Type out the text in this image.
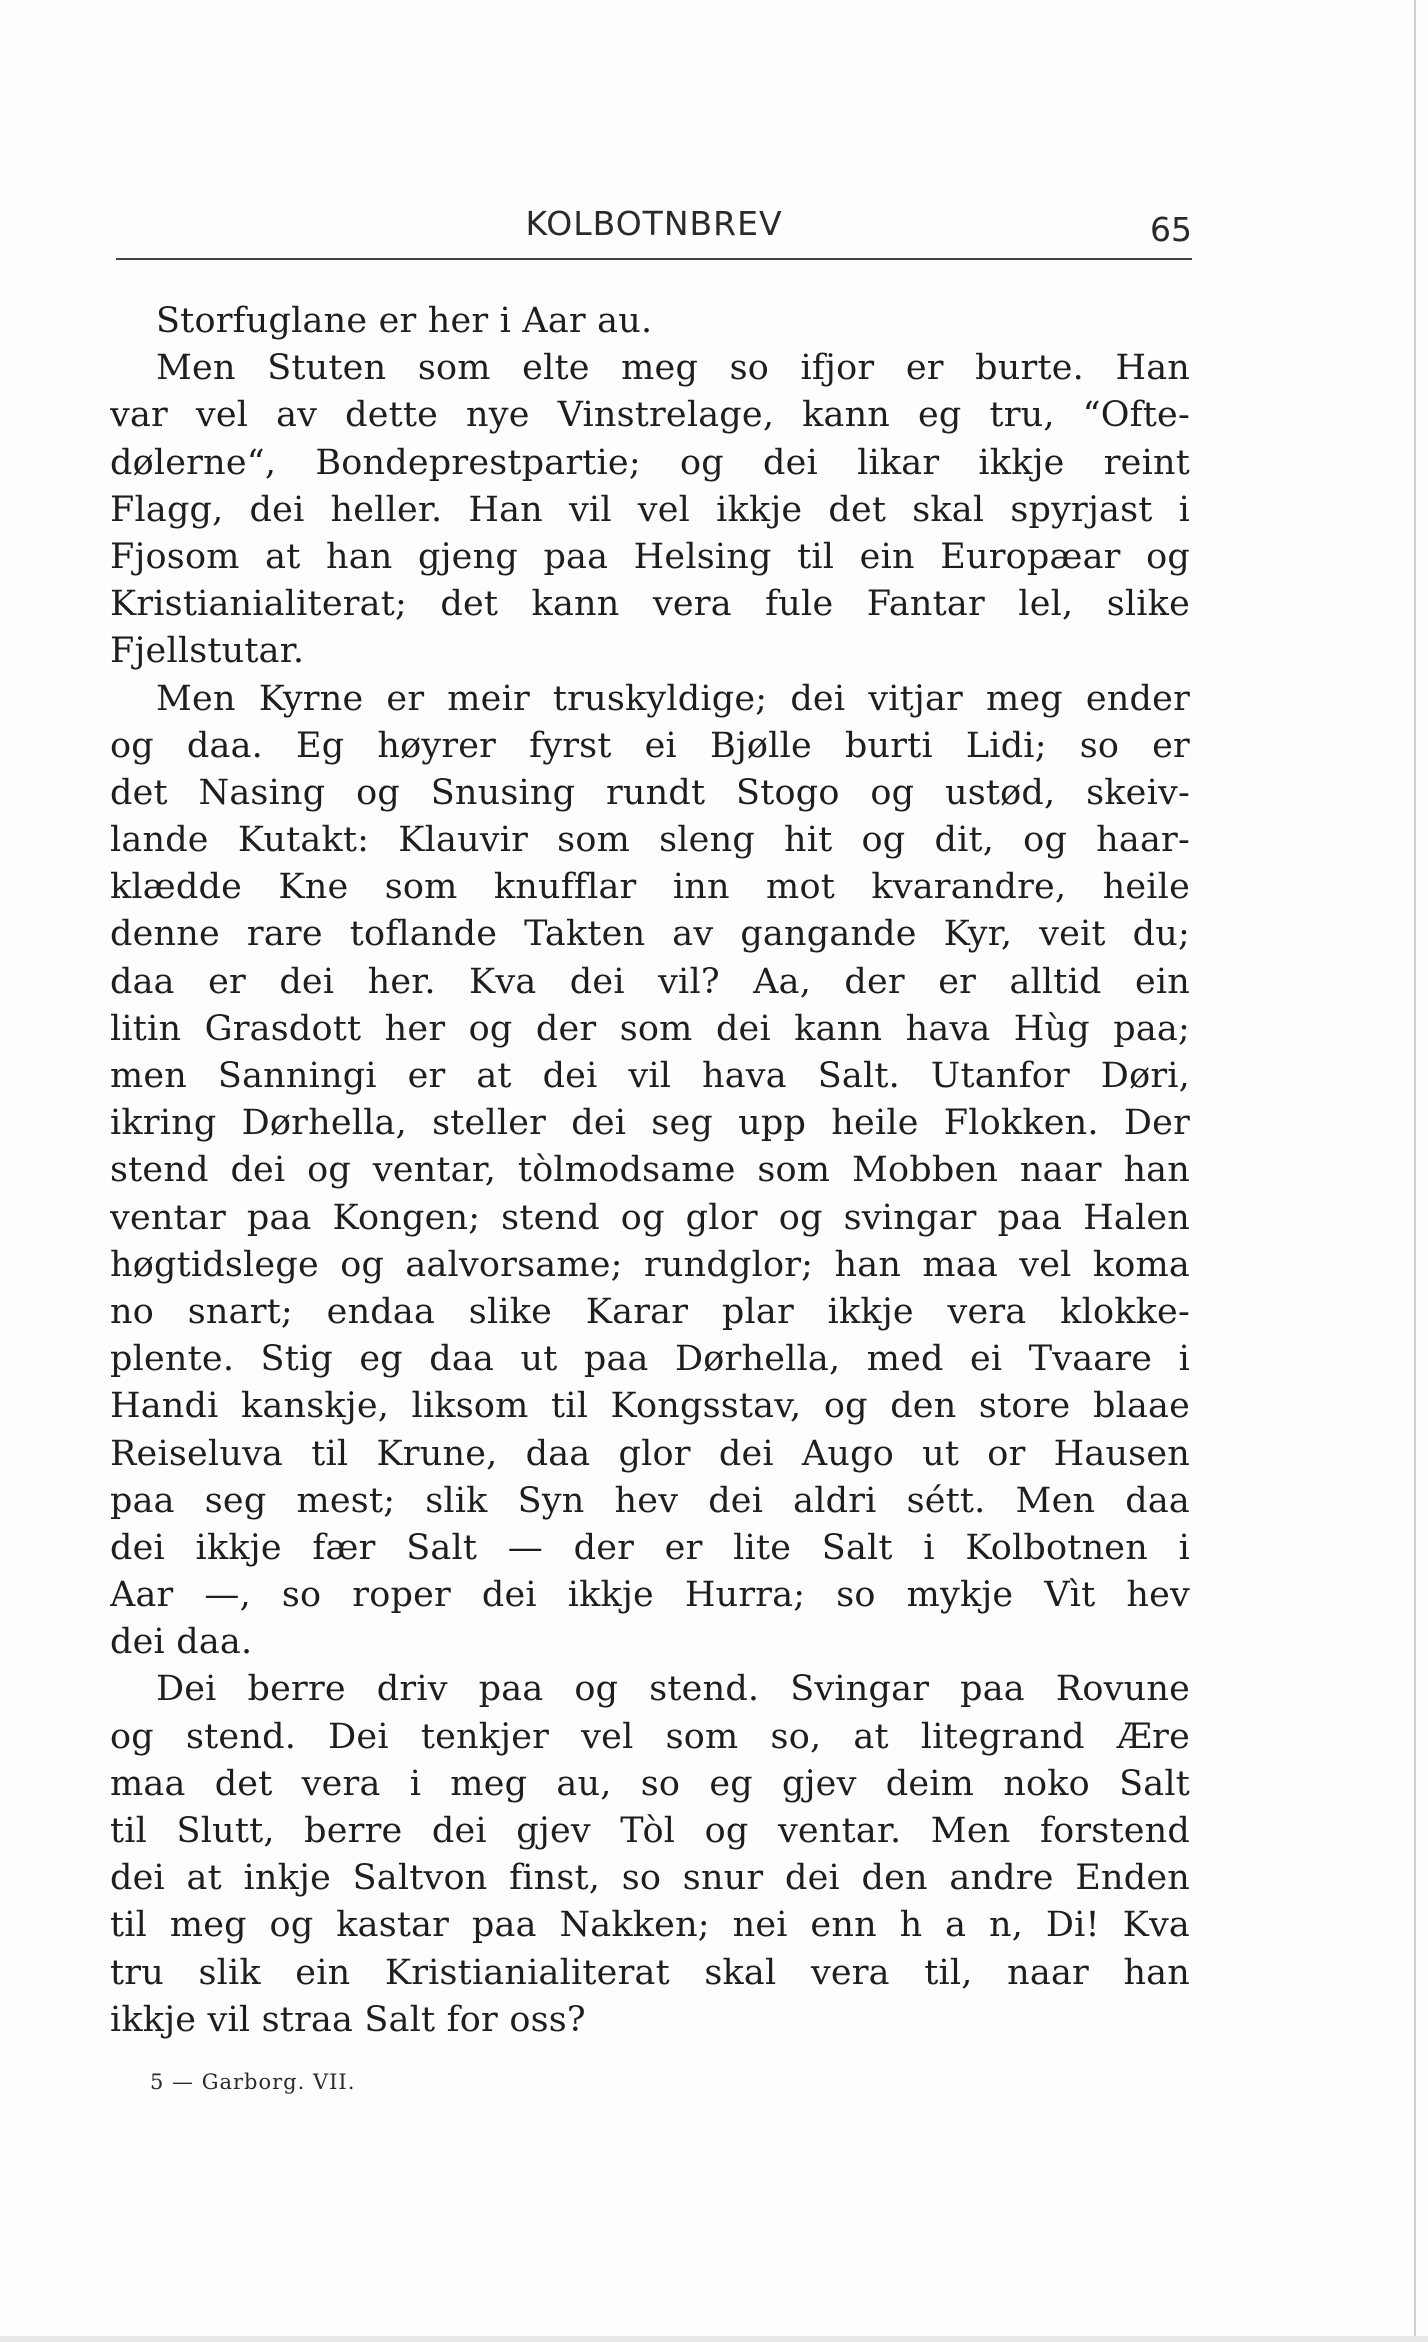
KOLBOTNBREV	65
Storfuglane er her i Aar au.
Men Stuten som elte meg so ifjor er burte. Han
var vel av dette nye Vinstrelage, kann eg tru, “Ofte-
dølerne“, Bondeprestpartie; og dei likar ikkje reint
Flagg, dei heller. Han vil vel ikkje det skal spyrjast i
Fjosom at han gjeng paa Helsing til ein Europæar og
Kristianialiterat; det kann vera fule Fantar lel, slike
Fjellstutar.
Men Kyrne er meir truskyldige; dei vitjar meg ender
og daa. Eg høyrer fyrst ei Bjølle burti Lidi; so er
det Nasing og Snusing rundt Stogo og ustød, skeiv-
lande Kutakt: Klauvir som sleng hit og dit, og haar-
klædde Kne som knufflar inn mot kvarandre, heile
denne rare toflande Takten av gangande Kyr, veit du;
daa er dei her. Kva dei vil? Aa, der er alltid ein
litin Grasdott her og der som dei kann hava Hùg paa;
men Sanningi er at dei vil hava Salt. Utanfor Døri,
ikring Dørhella, steller dei seg upp heile Flokken. Der
stend dei og ventar, tòlmodsame som Mobben naar han
ventar paa Kongen; stend og glor og svingar paa Halen
høgtidslege og aalvorsame; rundglor; han maa vel koma
no snart; endaa slike Karar plar ikkje vera klokke-
plente. Stig eg daa ut paa Dørhella, med ei Tvaare i
Handi kanskje, liksom til Kongsstav, og den store blaae
Reiseluva til Krune, daa glor dei Augo ut or Hausen
paa seg mest; slik Syn hev dei aldri sétt. Men daa
dei ikkje fær Salt — der er lite Salt i Kolbotnen i
Aar —, so roper dei ikkje Hurra; so mykje Vìt hev
dei daa.
Dei berre driv paa og stend. Svingar paa Rovune
og stend. Dei tenkjer vel som so, at litegrand Ære
maa det vera i meg au, so eg gjev deim noko Salt
til Slutt, berre dei gjev Tòl og ventar. Men forstend
dei at inkje Saltvon finst, so snur dei den andre Enden
til meg og kastar paa Nakken; nei enn h a n, Di! Kva
tru slik ein Kristianialiterat skal vera til, naar han
ikkje vil straa Salt for oss?
5 — Garborg. VII.
